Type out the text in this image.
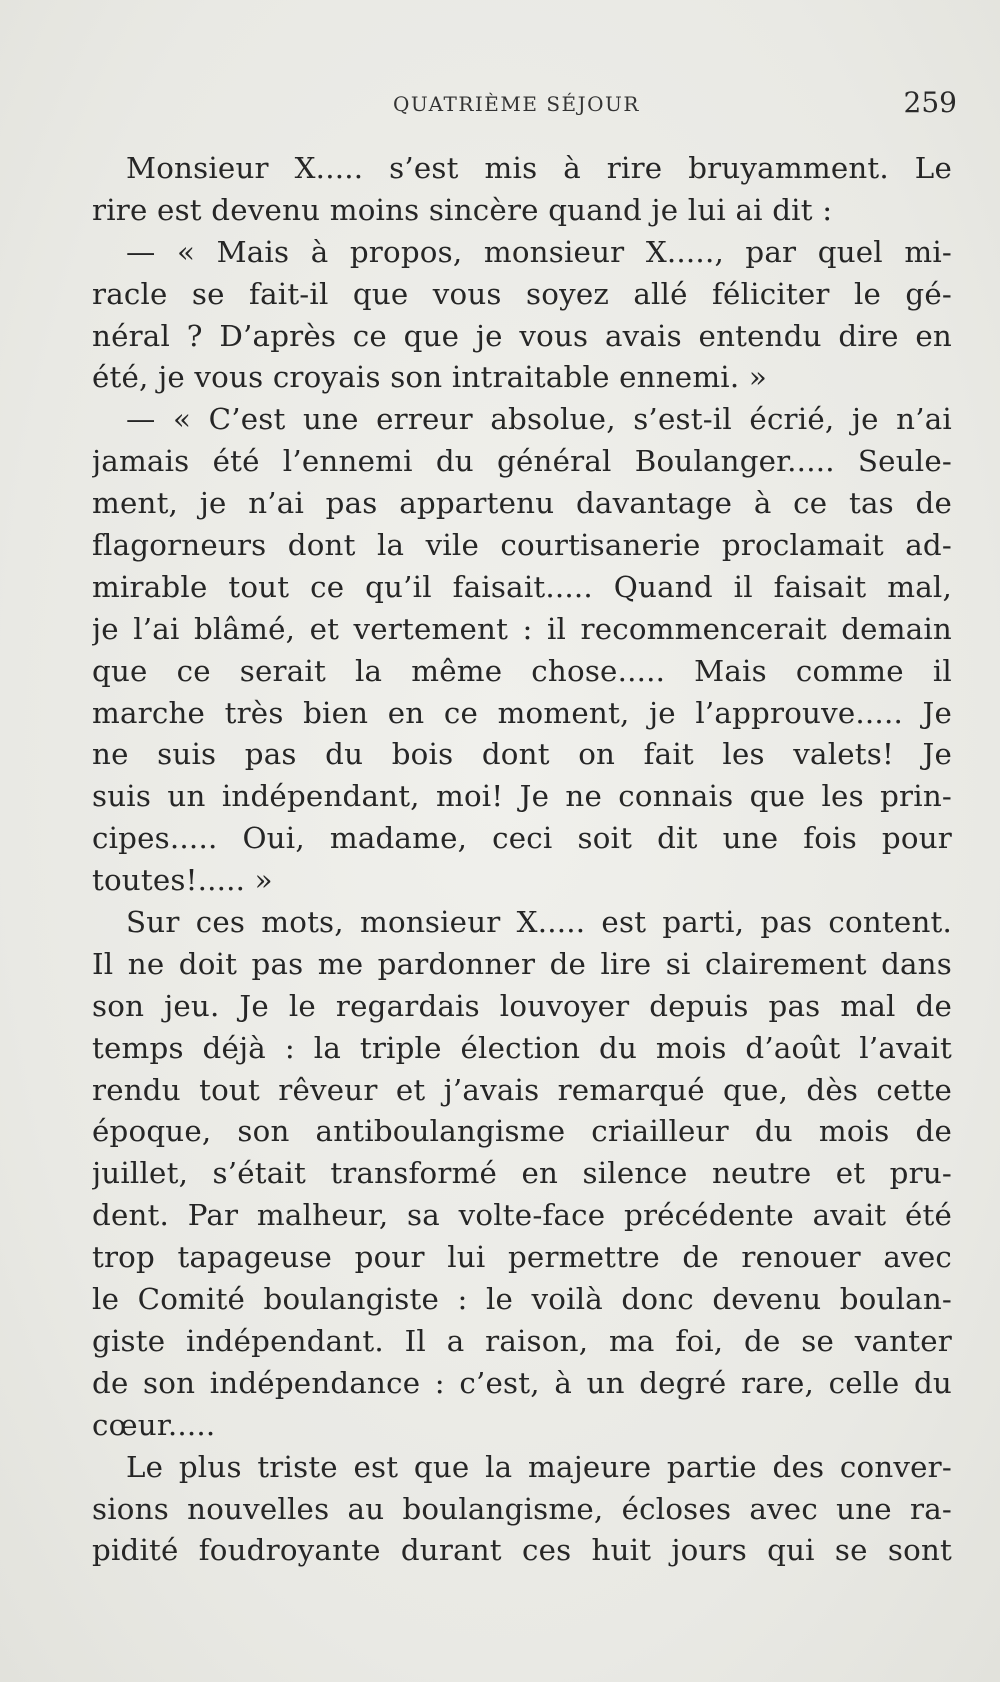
QUATRIÈME SÉJOUR	259
Monsieur X..... s’est mis à rire bruyamment. Le
rire est devenu moins sincère quand je lui ai dit :
— « Mais à propos, monsieur X....., par quel mi-
racle se fait-il que vous soyez allé féliciter le gé-
néral ? D’après ce que je vous avais entendu dire en
été, je vous croyais son intraitable ennemi. »
— « C’est une erreur absolue, s’est-il écrié, je n’ai
jamais été l’ennemi du général Boulanger..... Seule-
ment, je n’ai pas appartenu davantage à ce tas de
flagorneurs dont la vile courtisanerie proclamait ad-
mirable tout ce qu’il faisait..... Quand il faisait mal,
je l’ai blâmé, et vertement : il recommencerait demain
que ce serait la même chose..... Mais comme il
marche très bien en ce moment, je l’approuve..... Je
ne suis pas du bois dont on fait les valets! Je
suis un indépendant, moi! Je ne connais que les prin-
cipes..... Oui, madame, ceci soit dit une fois pour
toutes!..... »
Sur ces mots, monsieur X..... est parti, pas content.
Il ne doit pas me pardonner de lire si clairement dans
son jeu. Je le regardais louvoyer depuis pas mal de
temps déjà : la triple élection du mois d’août l’avait
rendu tout rêveur et j’avais remarqué que, dès cette
époque, son antiboulangisme criailleur du mois de
juillet, s’était transformé en silence neutre et pru-
dent. Par malheur, sa volte-face précédente avait été
trop tapageuse pour lui permettre de renouer avec
le Comité boulangiste : le voilà donc devenu boulan-
giste indépendant. Il a raison, ma foi, de se vanter
de son indépendance : c’est, à un degré rare, celle du
cœur.....
Le plus triste est que la majeure partie des conver-
sions nouvelles au boulangisme, écloses avec une ra-
pidité foudroyante durant ces huit jours qui se sont
